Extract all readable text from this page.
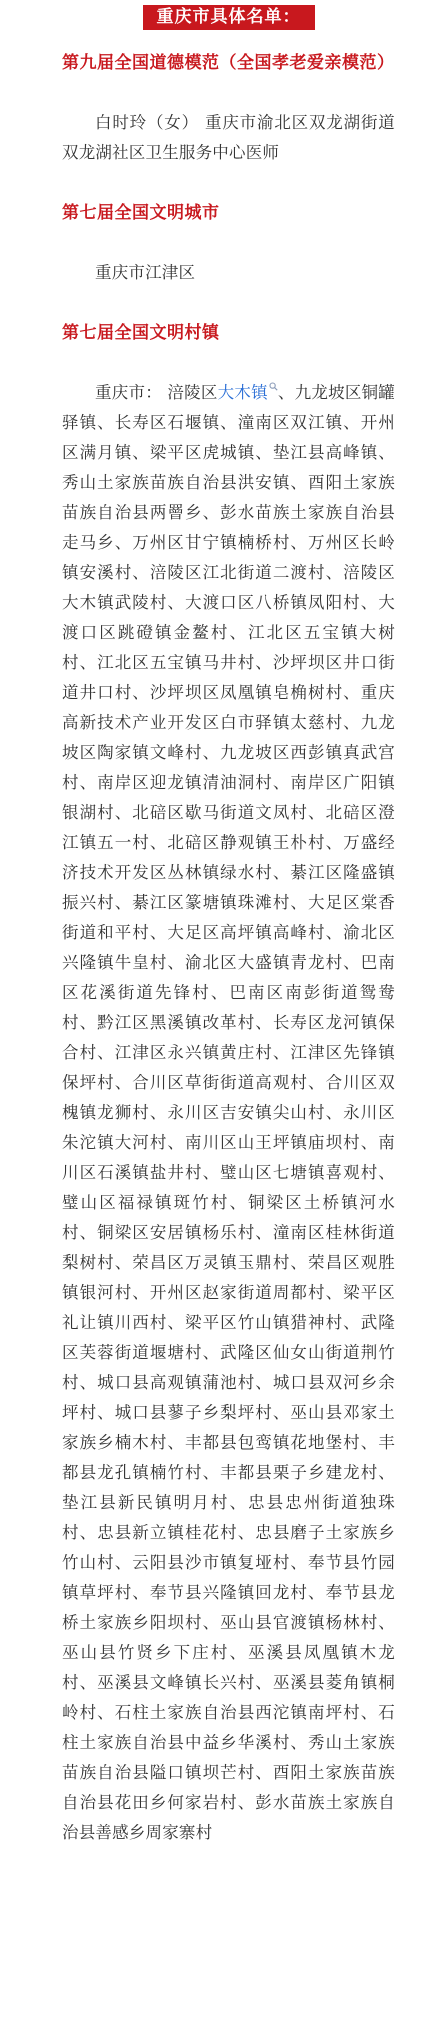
重庆市具体名单：

第九届全国道德模范（全国孝老爱亲模范）

白时玲（女） 重庆市渝北区双龙湖街道双龙湖社区卫生服务中心医师

第七届全国文明城市

重庆市江津区

第七届全国文明村镇

重庆市： 涪陵区大木镇 、九龙坡区铜罐驿镇、长寿区石堰镇、潼南区双江镇、开州区满月镇、梁平区虎城镇、垫江县高峰镇、秀山土家族苗族自治县洪安镇、酉阳土家族苗族自治县两罾乡、彭水苗族土家族自治县走马乡、万州区甘宁镇楠桥村、万州区长岭镇安溪村、涪陵区江北街道二渡村、涪陵区大木镇武陵村、大渡口区八桥镇凤阳村、大渡口区跳磴镇金鳌村、江北区五宝镇大树村、江北区五宝镇马井村、沙坪坝区井口街道井口村、沙坪坝区凤凰镇皂桷树村、重庆高新技术产业开发区白市驿镇太慈村、九龙坡区陶家镇文峰村、九龙坡区西彭镇真武宫村、南岸区迎龙镇清油洞村、南岸区广阳镇银湖村、北碚区歇马街道文凤村、北碚区澄江镇五一村、北碚区静观镇王朴村、万盛经济技术开发区丛林镇绿水村、綦江区隆盛镇振兴村、綦江区篆塘镇珠滩村、大足区棠香街道和平村、大足区高坪镇高峰村、渝北区兴隆镇牛皇村、渝北区大盛镇青龙村、巴南区花溪街道先锋村、巴南区南彭街道鸳鸯村、黔江区黑溪镇改革村、长寿区龙河镇保合村、江津区永兴镇黄庄村、江津区先锋镇保坪村、合川区草街街道高观村、合川区双槐镇龙狮村、永川区吉安镇尖山村、永川区朱沱镇大河村、南川区山王坪镇庙坝村、南川区石溪镇盐井村、璧山区七塘镇喜观村、璧山区福禄镇斑竹村、铜梁区土桥镇河水村、铜梁区安居镇杨乐村、潼南区桂林街道梨树村、荣昌区万灵镇玉鼎村、荣昌区观胜镇银河村、开州区赵家街道周都村、梁平区礼让镇川西村、梁平区竹山镇猎神村、武隆区芙蓉街道堰塘村、武隆区仙女山街道荆竹村、城口县高观镇蒲池村、城口县双河乡余坪村、城口县蓼子乡梨坪村、巫山县邓家土家族乡楠木村、丰都县包鸾镇花地堡村、丰都县龙孔镇楠竹村、丰都县栗子乡建龙村、垫江县新民镇明月村、忠县忠州街道独珠村、忠县新立镇桂花村、忠县磨子土家族乡竹山村、云阳县沙市镇复垭村、奉节县竹园镇草坪村、奉节县兴隆镇回龙村、奉节县龙桥土家族乡阳坝村、巫山县官渡镇杨林村、巫山县竹贤乡下庄村、巫溪县凤凰镇木龙村、巫溪县文峰镇长兴村、巫溪县菱角镇桐岭村、石柱土家族自治县西沱镇南坪村、石柱土家族自治县中益乡华溪村、秀山土家族苗族自治县隘口镇坝芒村、酉阳土家族苗族自治县花田乡何家岩村、彭水苗族土家族自治县善感乡周家寨村
